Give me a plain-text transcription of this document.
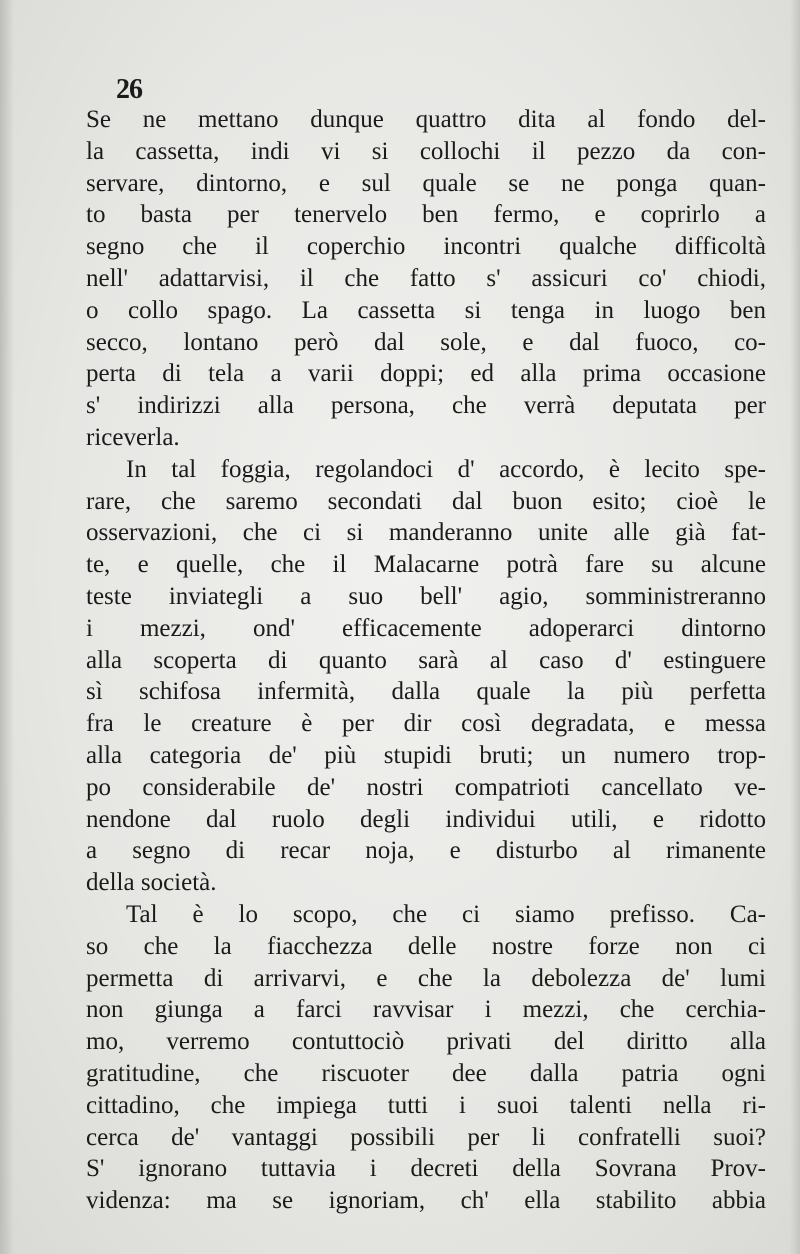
26
Se ne mettano dunque quattro dita al fondo del-
la cassetta, indi vi si collochi il pezzo da con-
servare, dintorno, e sul quale se ne ponga quan-
to basta per tenervelo ben fermo, e coprirlo a
segno che il coperchio incontri qualche difficoltà
nell' adattarvisi, il che fatto s' assicuri co' chiodi,
o collo spago. La cassetta si tenga in luogo ben
secco, lontano però dal sole, e dal fuoco, co-
perta di tela a varii doppi; ed alla prima occasione
s' indirizzi alla persona, che verrà deputata per
riceverla.
In tal foggia, regolandoci d' accordo, è lecito spe-
rare, che saremo secondati dal buon esito; cioè le
osservazioni, che ci si manderanno unite alle già fat-
te, e quelle, che il Malacarne potrà fare su alcune
teste inviategli a suo bell' agio, somministreranno
i mezzi, ond' efficacemente adoperarci dintorno
alla scoperta di quanto sarà al caso d' estinguere
sì schifosa infermità, dalla quale la più perfetta
fra le creature è per dir così degradata, e messa
alla categoria de' più stupidi bruti; un numero trop-
po considerabile de' nostri compatrioti cancellato ve-
nendone dal ruolo degli individui utili, e ridotto
a segno di recar noja, e disturbo al rimanente
della società.
Tal è lo scopo, che ci siamo prefisso. Ca-
so che la fiacchezza delle nostre forze non ci
permetta di arrivarvi, e che la debolezza de' lumi
non giunga a farci ravvisar i mezzi, che cerchia-
mo, verremo contuttociò privati del diritto alla
gratitudine, che riscuoter dee dalla patria ogni
cittadino, che impiega tutti i suoi talenti nella ri-
cerca de' vantaggi possibili per li confratelli suoi?
S' ignorano tuttavia i decreti della Sovrana Prov-
videnza: ma se ignoriam, ch' ella stabilito abbia
